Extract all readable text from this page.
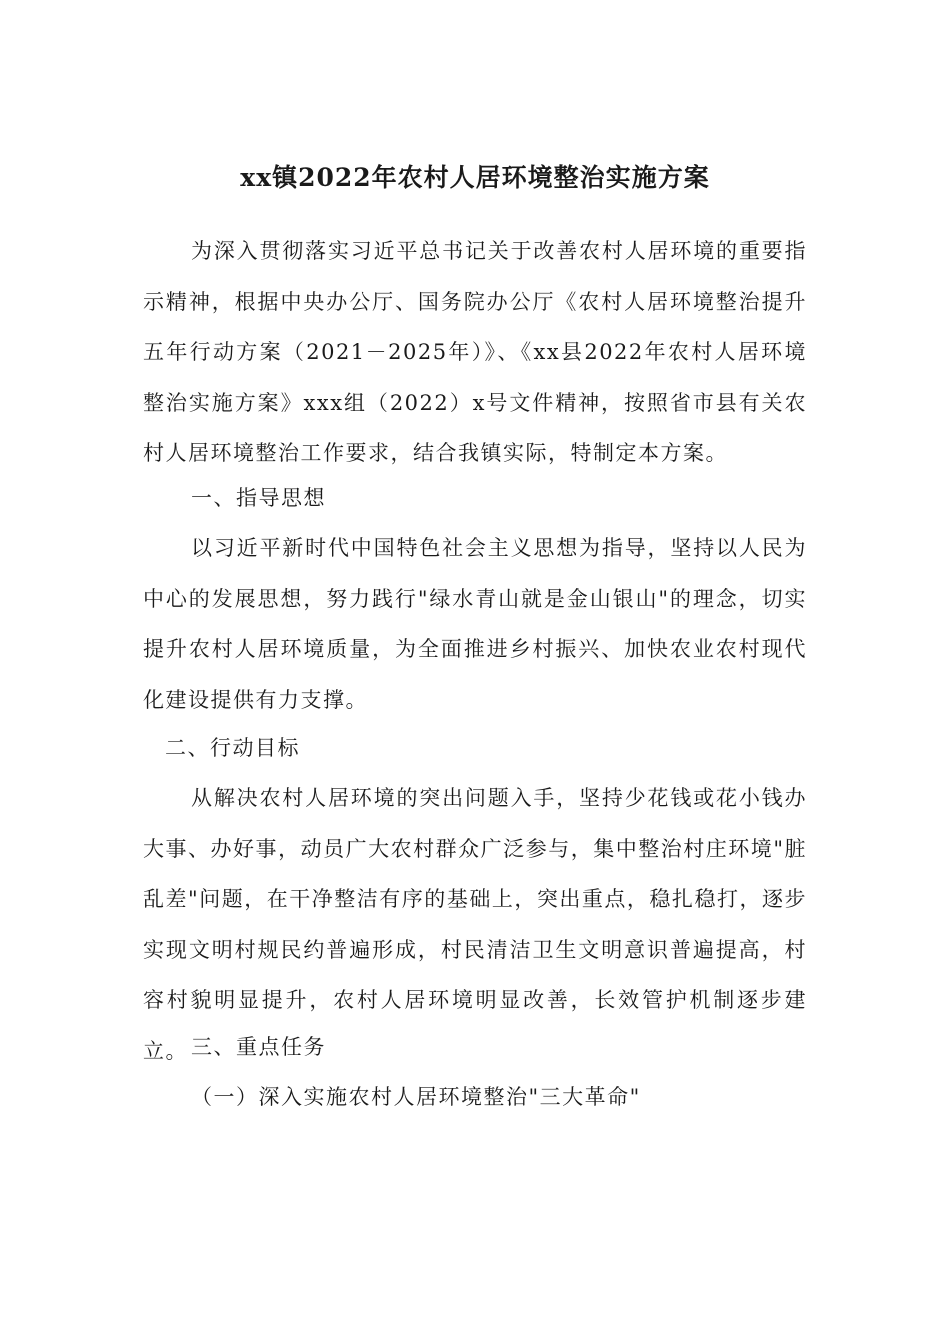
xx镇2022年农村人居环境整治实施方案

为深入贯彻落实习近平总书记关于改善农村人居环境的重要指示精神，根据中央办公厅、国务院办公厅《农村人居环境整治提升五年行动方案（2021－2025年）》、《xx县2022年农村人居环境整治实施方案》xxx组（2022）x号文件精神，按照省市县有关农村人居环境整治工作要求，结合我镇实际，特制定本方案。

一、指导思想

以习近平新时代中国特色社会主义思想为指导，坚持以人民为中心的发展思想，努力践行"绿水青山就是金山银山"的理念，切实提升农村人居环境质量，为全面推进乡村振兴、加快农业农村现代化建设提供有力支撑。

二、行动目标

从解决农村人居环境的突出问题入手，坚持少花钱或花小钱办大事、办好事，动员广大农村群众广泛参与，集中整治村庄环境"脏乱差"问题，在干净整洁有序的基础上，突出重点，稳扎稳打，逐步实现文明村规民约普遍形成，村民清洁卫生文明意识普遍提高，村容村貌明显提升，农村人居环境明显改善，长效管护机制逐步建立。 三、重点任务

（一）深入实施农村人居环境整治"三大革命"
